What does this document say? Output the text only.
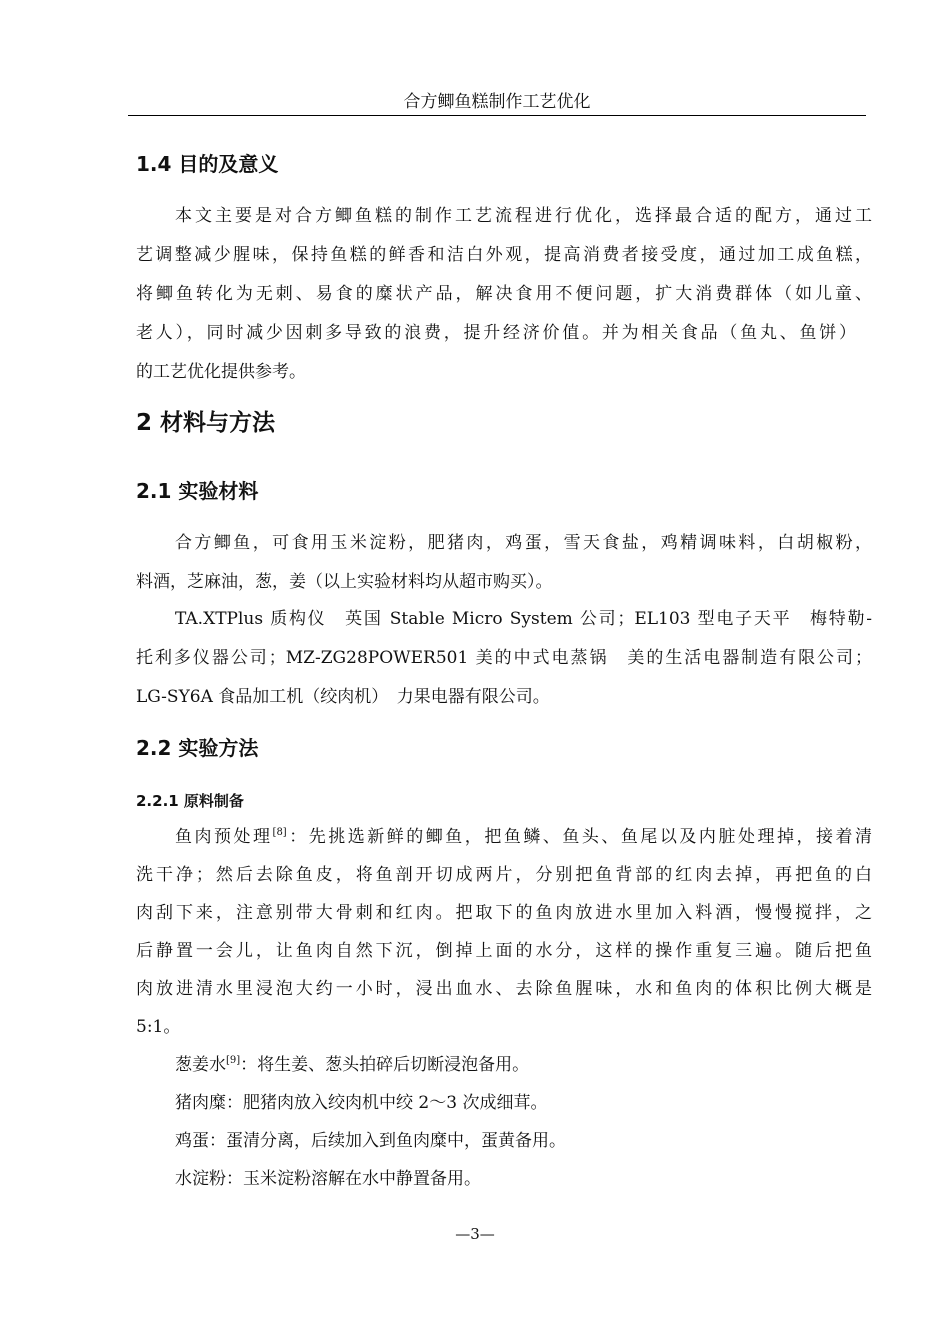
合方鲫鱼糕制作工艺优化
1.4 目的及意义
本文主要是对合方鲫鱼糕的制作工艺流程进行优化，选择最合适的配方，通过工
艺调整减少腥味，保持鱼糕的鲜香和洁白外观，提高消费者接受度，通过加工成鱼糕，
将鲫鱼转化为无刺、易食的糜状产品，解决食用不便问题，扩大消费群体（如儿童、
老人），同时减少因刺多导致的浪费，提升经济价值。并为相关食品（鱼丸、鱼饼）
的工艺优化提供参考。
2 材料与方法
2.1 实验材料
合方鲫鱼，可食用玉米淀粉，肥猪肉，鸡蛋，雪天食盐，鸡精调味料，白胡椒粉，
料酒，芝麻油，葱，姜（以上实验材料均从超市购买）。
TA.XTPlus 质构仪　英国 Stable Micro System 公司；EL103 型电子天平　梅特勒-
托利多仪器公司；MZ-ZG28POWER501 美的中式电蒸锅　美的生活电器制造有限公司；
LG-SY6A 食品加工机（绞肉机）　力果电器有限公司。
2.2 实验方法
2.2.1 原料制备
鱼肉预处理[8]：先挑选新鲜的鲫鱼，把鱼鳞、鱼头、鱼尾以及内脏处理掉，接着清
洗干净；然后去除鱼皮，将鱼剖开切成两片，分别把鱼背部的红肉去掉，再把鱼的白
肉刮下来，注意别带大骨刺和红肉。把取下的鱼肉放进水里加入料酒，慢慢搅拌，之
后静置一会儿，让鱼肉自然下沉，倒掉上面的水分，这样的操作重复三遍。随后把鱼
肉放进清水里浸泡大约一小时，浸出血水、去除鱼腥味，水和鱼肉的体积比例大概是
5:1。
葱姜水[9]：将生姜、葱头拍碎后切断浸泡备用。
猪肉糜：肥猪肉放入绞肉机中绞 2～3 次成细茸。
鸡蛋：蛋清分离，后续加入到鱼肉糜中，蛋黄备用。
水淀粉：玉米淀粉溶解在水中静置备用。
—3—
